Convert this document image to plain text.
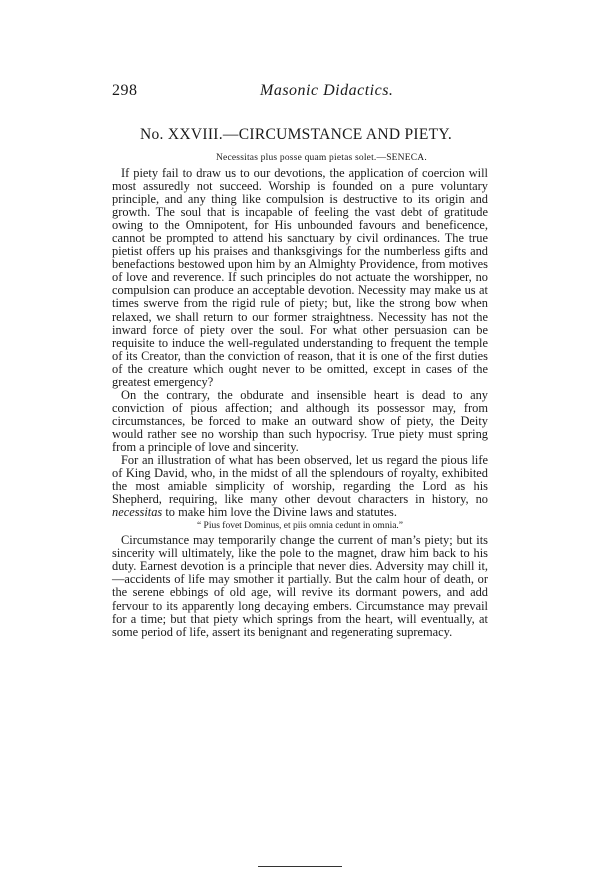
298	Masonic Didactics.
No. XXVIII.—CIRCUMSTANCE AND PIETY.
Necessitas plus posse quam pietas solet.—SENECA.

If piety fail to draw us to our devotions, the application of coercion will most assuredly not succeed. Worship is founded on a pure voluntary principle, and any thing like compulsion is destructive to its origin and growth. The soul that is incapable of feeling the vast debt of gratitude owing to the Omnipotent, for His unbounded favours and beneficence, cannot be prompted to attend his sanctuary by civil ordinances. The true pietist offers up his praises and thanksgivings for the numberless gifts and benefactions bestowed upon him by an Almighty Providence, from motives of love and reverence. If such principles do not actuate the worshipper, no compulsion can produce an acceptable devotion. Necessity may make us at times swerve from the rigid rule of piety; but, like the strong bow when relaxed, we shall return to our former straightness. Necessity has not the inward force of piety over the soul. For what other persuasion can be requisite to induce the well-regulated understanding to frequent the temple of its Creator, than the conviction of reason, that it is one of the first duties of the creature which ought never to be omitted, except in cases of the greatest emergency?

On the contrary, the obdurate and insensible heart is dead to any conviction of pious affection; and although its possessor may, from circumstances, be forced to make an outward show of piety, the Deity would rather see no worship than such hypocrisy. True piety must spring from a principle of love and sincerity.

For an illustration of what has been observed, let us regard the pious life of King David, who, in the midst of all the splendours of royalty, exhibited the most amiable simplicity of worship, regarding the Lord as his Shepherd, requiring, like many other devout characters in history, no necessitas to make him love the Divine laws and statutes.

“ Pius fovet Dominus, et piis omnia cedunt in omnia.”

Circumstance may temporarily change the current of man’s piety; but its sincerity will ultimately, like the pole to the magnet, draw him back to his duty. Earnest devotion is a principle that never dies. Adversity may chill it,—accidents of life may smother it partially. But the calm hour of death, or the serene ebbings of old age, will revive its dormant powers, and add fervour to its apparently long decaying embers. Circumstance may prevail for a time; but that piety which springs from the heart, will eventually, at some period of life, assert its benignant and regenerating supremacy.
